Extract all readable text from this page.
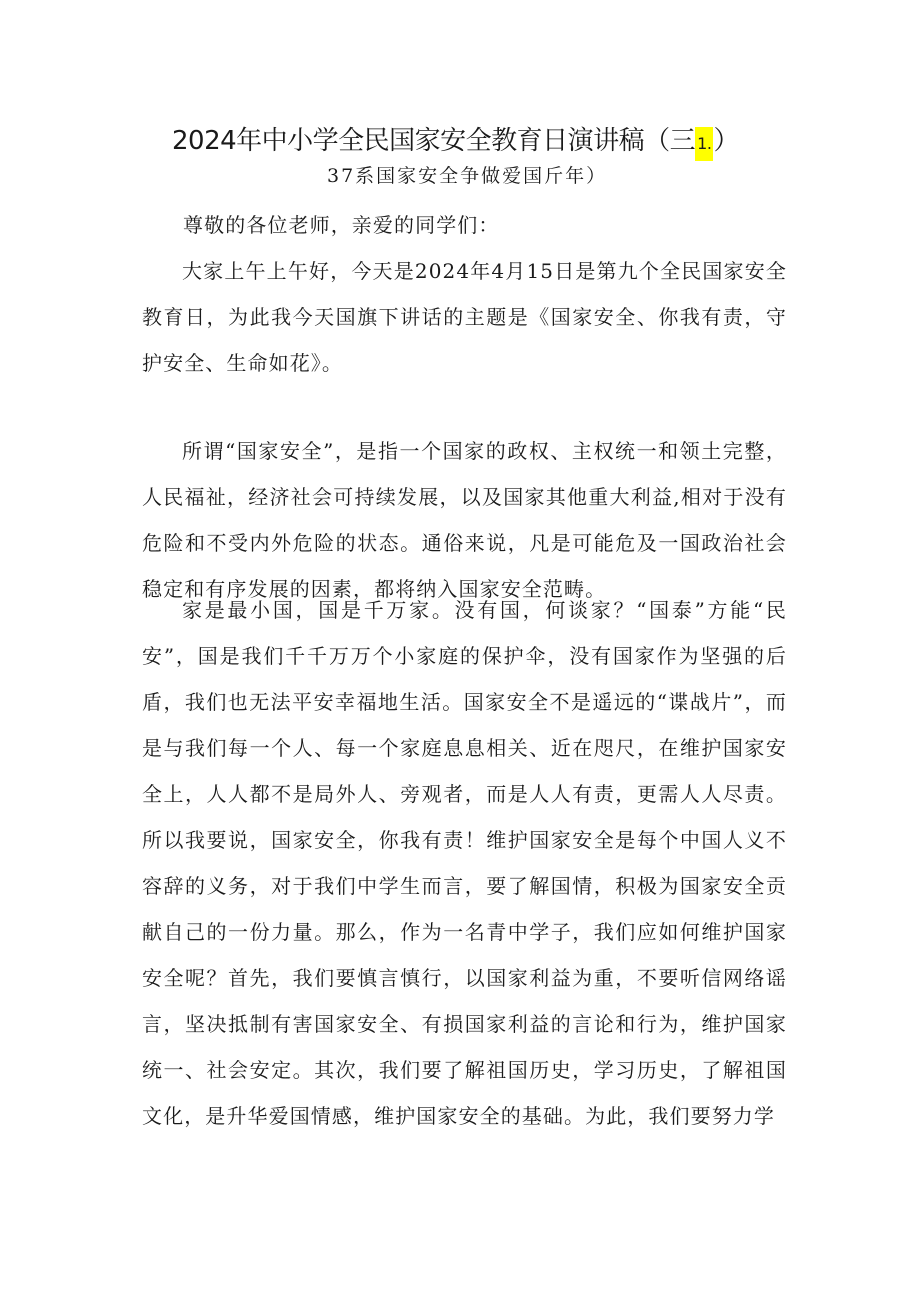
2024年中小学全民国家安全教育日演讲稿（三 1.）
37系国家安全争做爱国斤年）
尊敬的各位老师，亲爱的同学们：

大家上午上午好，今天是2024年4月15日是第九个全民国家安全教育日，为此我今天国旗下讲话的主题是《国家安全、你我有责，守护安全、生命如花》。

所谓“国家安全”，是指一个国家的政权、主权统一和领土完整，人民福祉，经济社会可持续发展，以及国家其他重大利益,相对于没有危险和不受内外危险的状态。通俗来说，凡是可能危及一国政治社会稳定和有序发展的因素，都将纳入国家安全范畴。

家是最小国，国是千万家。没有国，何谈家？“国泰”方能“民安”，国是我们千千万万个小家庭的保护伞，没有国家作为坚强的后盾，我们也无法平安幸福地生活。国家安全不是遥远的“谍战片”，而是与我们每一个人、每一个家庭息息相关、近在咫尺，在维护国家安全上，人人都不是局外人、旁观者，而是人人有责，更需人人尽责。所以我要说，国家安全，你我有责！维护国家安全是每个中国人义不容辞的义务，对于我们中学生而言，要了解国情，积极为国家安全贡献自己的一份力量。那么，作为一名青中学子，我们应如何维护国家安全呢？首先，我们要慎言慎行，以国家利益为重，不要听信网络谣言，坚决抵制有害国家安全、有损国家利益的言论和行为，维护国家统一、社会安定。其次，我们要了解祖国历史，学习历史，了解祖国文化，是升华爱国情感，维护国家安全的基础。为此，我们要努力学
